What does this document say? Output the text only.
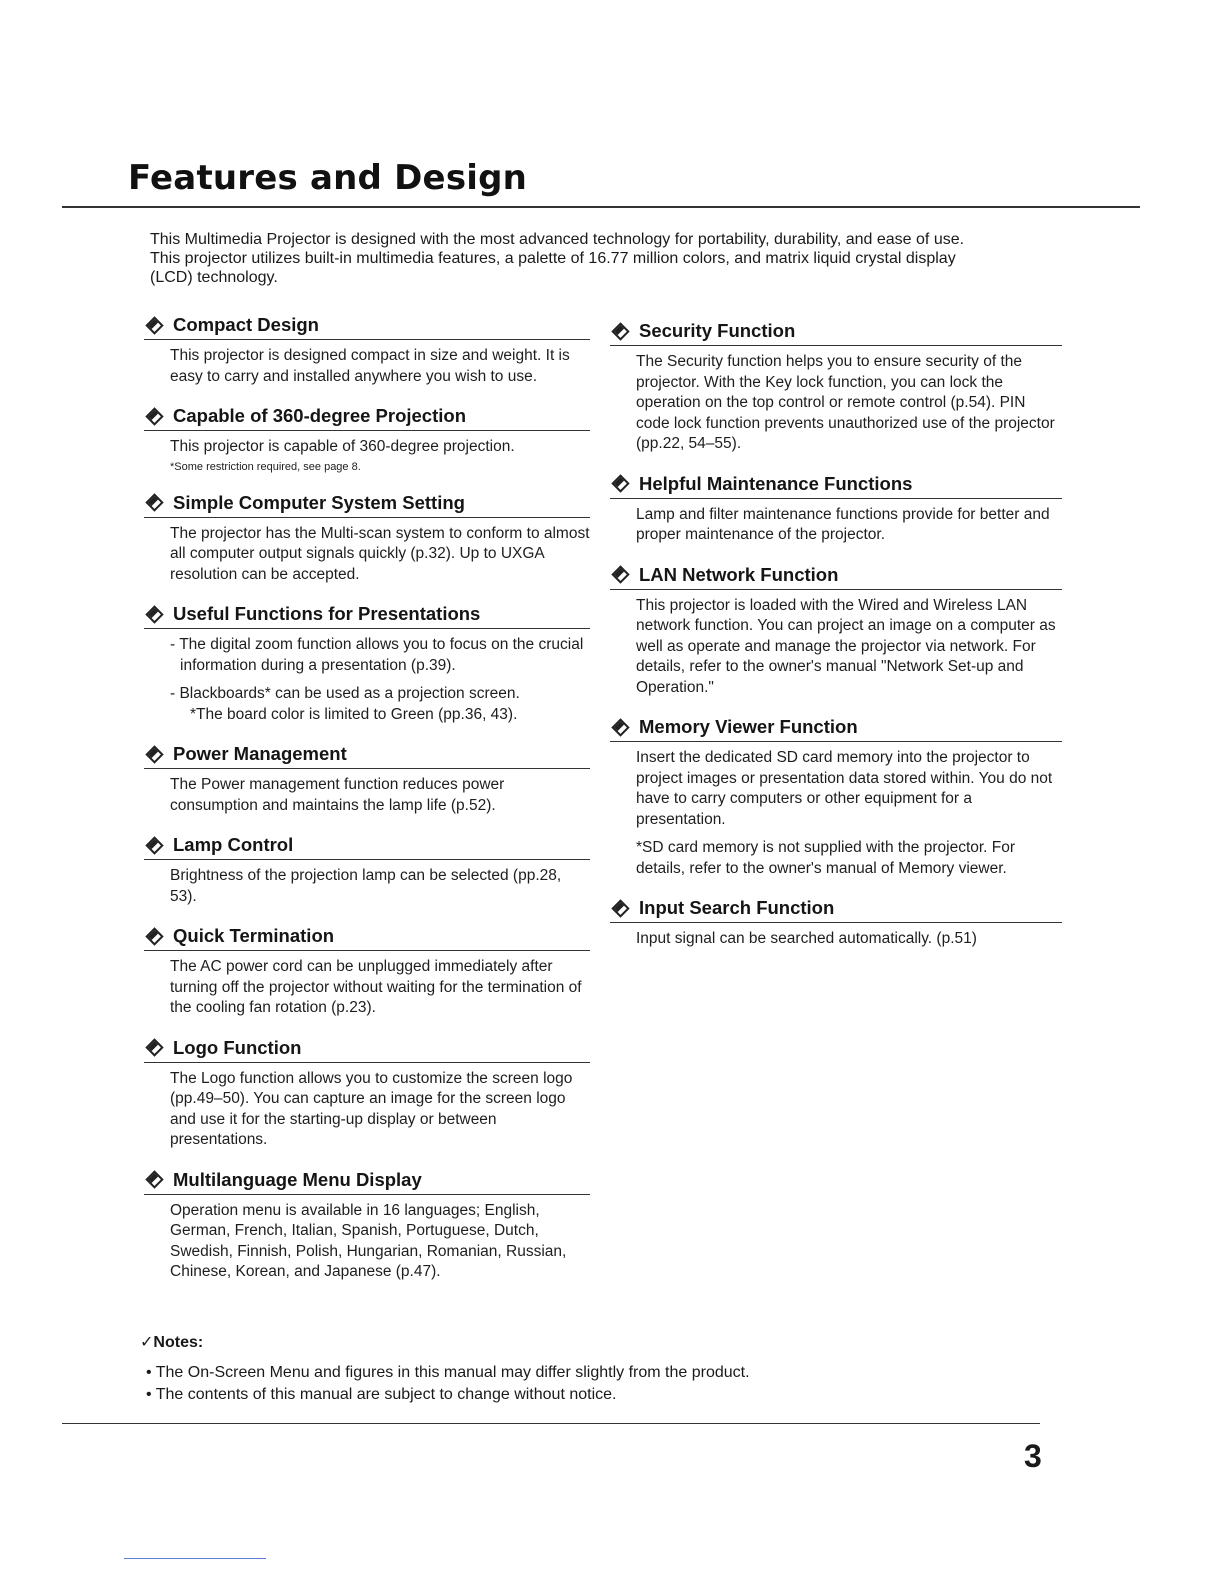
Features and Design
This Multimedia Projector is designed with the most advanced technology for portability, durability, and ease of use.
This projector utilizes built-in multimedia features, a palette of 16.77 million colors, and matrix liquid crystal display
(LCD) technology.
Compact Design

This projector is designed compact in size and weight. It is easy to carry and installed anywhere you wish to use.

Capable of 360-degree Projection

This projector is capable of 360-degree projection.
*Some restriction required, see page 8.

Simple Computer System Setting

The projector has the Multi-scan system to conform to almost all computer output signals quickly (p.32). Up to UXGA resolution can be accepted.

Useful Functions for Presentations

- The digital zoom function allows you to focus on the crucial information during a presentation (p.39).

- Blackboards* can be used as a projection screen.
*The board color is limited to Green (pp.36, 43).

Power Management

The Power management function reduces power consumption and maintains the lamp life (p.52).

Lamp Control

Brightness of the projection lamp can be selected (pp.28, 53).

Quick Termination

The AC power cord can be unplugged immediately after turning off the projector without waiting for the termination of the cooling fan rotation (p.23).

Logo Function

The Logo function allows you to customize the screen logo (pp.49–50). You can capture an image for the screen logo and use it for the starting-up display or between presentations.

Multilanguage Menu Display

Operation menu is available in 16 languages; English, German, French, Italian, Spanish, Portuguese, Dutch, Swedish, Finnish, Polish, Hungarian, Romanian, Russian, Chinese, Korean, and Japanese (p.47).

Security Function

The Security function helps you to ensure security of the projector. With the Key lock function, you can lock the operation on the top control or remote control (p.54). PIN code lock function prevents unauthorized use of the projector (pp.22, 54–55).

Helpful Maintenance Functions

Lamp and filter maintenance functions provide for better and proper maintenance of the projector.

LAN Network Function

This projector is loaded with the Wired and Wireless LAN network function. You can project an image on a computer as well as operate and manage the projector via network. For details, refer to the owner's manual "Network Set-up and Operation."

Memory Viewer Function

Insert the dedicated SD card memory into the projector to project images or presentation data stored within. You do not have to carry computers or other equipment for a presentation.

*SD card memory is not supplied with the projector. For details, refer to the owner's manual of Memory viewer.

Input Search Function

Input signal can be searched automatically. (p.51)

✓Notes:
• The On-Screen Menu and figures in this manual may differ slightly from the product.
• The contents of this manual are subject to change without notice.
3
